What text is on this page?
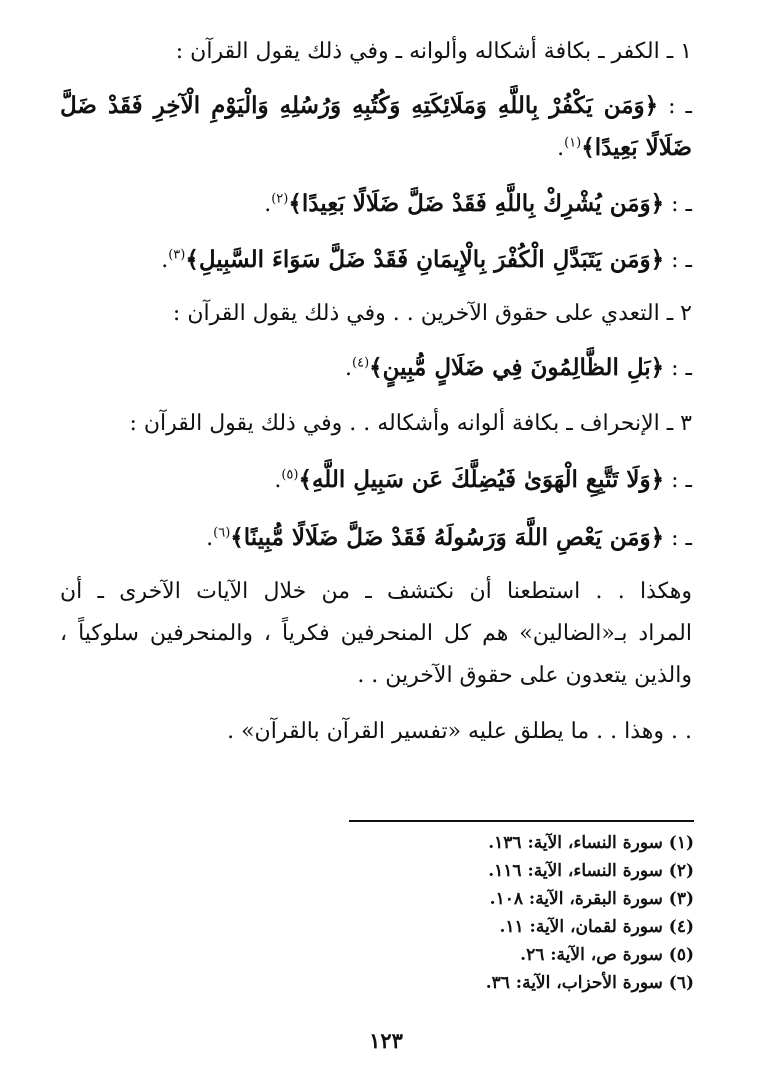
١ ـ الكفر ـ بكافة أشكاله وألوانه ـ وفي ذلك يقول القرآن :
ـ : ﴿وَمَن يَكْفُرْ بِاللَّهِ وَمَلَائِكَتِهِ وَكُتُبِهِ وَرُسُلِهِ وَالْيَوْمِ الْآخِرِ فَقَدْ ضَلَّ
ضَلَالًا بَعِيدًا﴾$^{(١)}$.
ـ : ﴿وَمَن يُشْرِكْ بِاللَّهِ فَقَدْ ضَلَّ ضَلَالًا بَعِيدًا﴾$^{(٢)}$.
ـ : ﴿وَمَن يَتَبَدَّلِ الْكُفْرَ بِالْإِيمَانِ فَقَدْ ضَلَّ سَوَاءَ السَّبِيلِ﴾$^{(٣)}$.
٢ ـ التعدي على حقوق الآخرين . . وفي ذلك يقول القرآن :
ـ : ﴿بَلِ الظَّالِمُونَ فِي ضَلَالٍ مُّبِينٍ﴾$^{(٤)}$.
٣ ـ الإنحراف ـ بكافة ألوانه وأشكاله . . وفي ذلك يقول القرآن :
ـ : ﴿وَلَا تَتَّبِعِ الْهَوَىٰ فَيُضِلَّكَ عَن سَبِيلِ اللَّهِ﴾$^{(٥)}$.
ـ : ﴿وَمَن يَعْصِ اللَّهَ وَرَسُولَهُ فَقَدْ ضَلَّ ضَلَالًا مُّبِينًا﴾$^{(٦)}$.
وهكذا . . استطعنا أن نكتشف ـ من خلال الآيات الآخرى ـ أن
المراد بـ«الضالين» هم كل المنحرفين فكرياً ، والمنحرفين سلوكياً ،
والذين يتعدون على حقوق الآخرين . .
. . وهذا . . ما يطلق عليه «تفسير القرآن بالقرآن» .
(١) سورة النساء، الآية: ١٣٦.
(٢) سورة النساء، الآية: ١١٦.
(٣) سورة البقرة، الآية: ١٠٨.
(٤) سورة لقمان، الآية: ١١.
(٥) سورة ص، الآية: ٢٦.
(٦) سورة الأحزاب، الآية: ٣٦.
١٢٣
